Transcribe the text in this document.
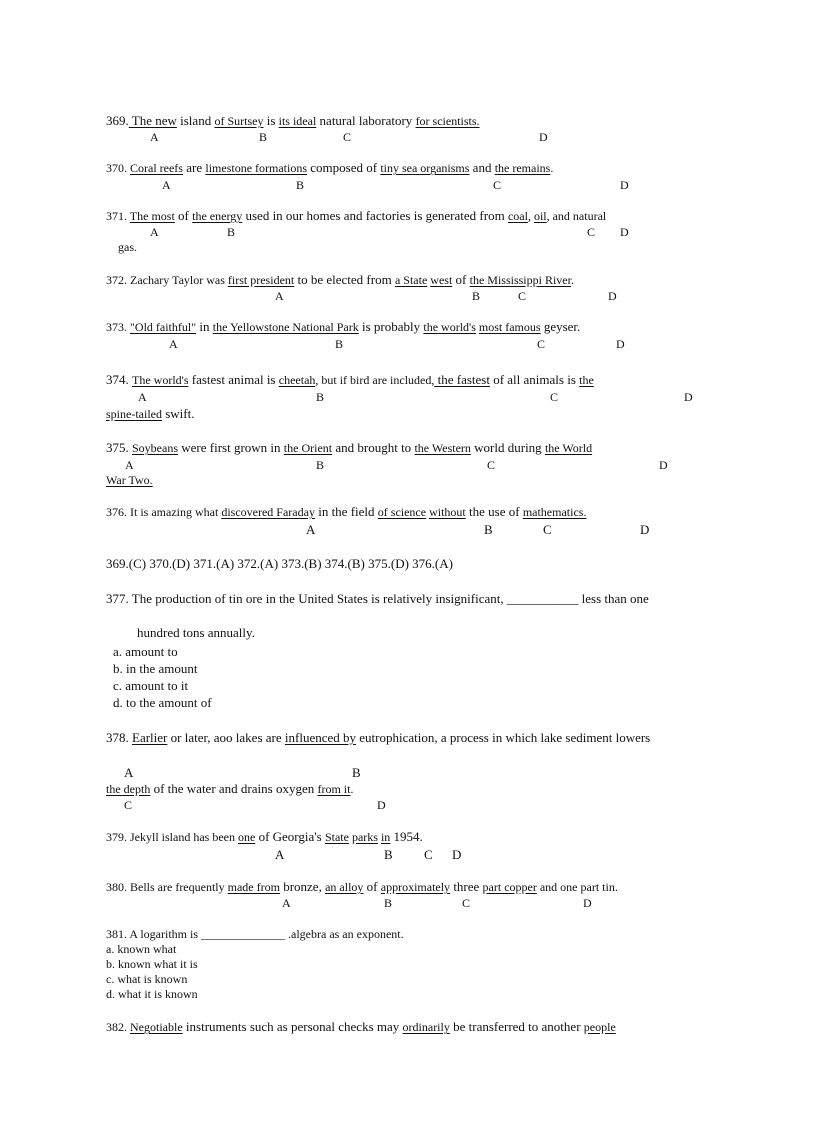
369. The new island of Surtsey is its ideal natural laboratory for scientists.
A	B	C	D
370. Coral reefs are limestone formations composed of tiny sea organisms and the remains.
A	B	C	D
371. The most of the energy used in our homes and factories is generated from coal, oil, and natural
A	B	C D
gas.
372. Zachary Taylor was first president to be elected from a State west of the Mississippi River.
A	B	C	D
373. "Old faithful" in the Yellowstone National Park is probably the world's most famous geyser.
A	B	C	D
374. The world's fastest animal is cheetah, but if bird are included, the fastest of all animals is the
A	B	C	D
spine-tailed swift.
375. Soybeans were first grown in the Orient and brought to the Western world during the World
A	B	C	D
War Two.
376. It is amazing what discovered Faraday in the field of science without the use of mathematics.
A	B	C	D
369.(C) 370.(D) 371.(A) 372.(A) 373.(B) 374.(B) 375.(D) 376.(A)
377. The production of tin ore in the United States is relatively insignificant, ___________ less than one
hundred tons annually.
a. amount to
b. in the amount
c. amount to it
d. to the amount of
378. Earlier or later, aoo lakes are influenced by eutrophication, a process in which lake sediment lowers
A	B
the depth of the water and drains oxygen from it.
C	D
379. Jekyll island has been one of Georgia's State parks in 1954.
A	B C D
380. Bells are frequently made from bronze, an alloy of approximately three part copper and one part tin.
A	B	C	D
381. A logarithm is ______________ .algebra as an exponent.
a. known what
b. known what it is
c. what is known
d. what it is known
382. Negotiable instruments such as personal checks may ordinarily be transferred to another people
